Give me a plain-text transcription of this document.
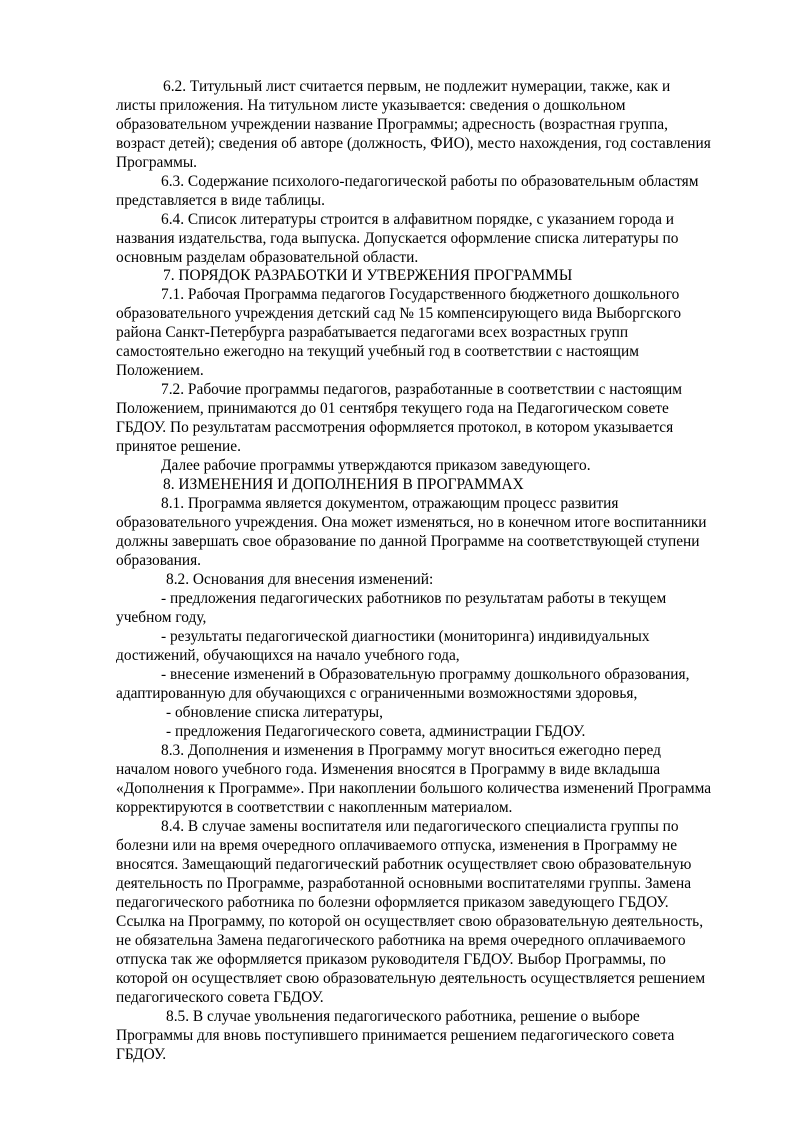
6.2. Титульный лист считается первым, не подлежит нумерации, также, как и
листы приложения. На титульном листе указывается: сведения о дошкольном
образовательном учреждении название Программы; адресность (возрастная группа,
возраст детей); сведения об авторе (должность, ФИО), место нахождения, год составления
Программы.
6.3. Содержание психолого-педагогической работы по образовательным областям
представляется в виде таблицы.
6.4. Список литературы строится в алфавитном порядке, с указанием города и
названия издательства, года выпуска. Допускается оформление списка литературы по
основным разделам образовательной области.
7. ПОРЯДОК РАЗРАБОТКИ И УТВЕРЖЕНИЯ ПРОГРАММЫ
7.1. Рабочая Программа педагогов Государственного бюджетного дошкольного
образовательного учреждения детский сад № 15 компенсирующего вида Выборгского
района Санкт-Петербурга разрабатывается педагогами всех возрастных групп
самостоятельно ежегодно на текущий учебный год в соответствии с настоящим
Положением.
7.2. Рабочие программы педагогов, разработанные в соответствии с настоящим
Положением, принимаются до 01 сентября текущего года на Педагогическом совете
ГБДОУ. По результатам рассмотрения оформляется протокол, в котором указывается
принятое решение.
Далее рабочие программы утверждаются приказом заведующего.
8. ИЗМЕНЕНИЯ И ДОПОЛНЕНИЯ В ПРОГРАММАХ
8.1. Программа является документом, отражающим процесс развития
образовательного учреждения. Она может изменяться, но в конечном итоге воспитанники
должны завершать свое образование по данной Программе на соответствующей ступени
образования.
8.2. Основания для внесения изменений:
- предложения педагогических работников по результатам работы в текущем
учебном году,
- результаты педагогической диагностики (мониторинга) индивидуальных
достижений, обучающихся на начало учебного года,
- внесение изменений в Образовательную программу дошкольного образования,
адаптированную для обучающихся с ограниченными возможностями здоровья,
- обновление списка литературы,
- предложения Педагогического совета, администрации ГБДОУ.
8.3. Дополнения и изменения в Программу могут вноситься ежегодно перед
началом нового учебного года. Изменения вносятся в Программу в виде вкладыша
«Дополнения к Программе». При накоплении большого количества изменений Программа
корректируются в соответствии с накопленным материалом.
8.4. В случае замены воспитателя или педагогического специалиста группы по
болезни или на время очередного оплачиваемого отпуска, изменения в Программу не
вносятся. Замещающий педагогический работник осуществляет свою образовательную
деятельность по Программе, разработанной основными воспитателями группы. Замена
педагогического работника по болезни оформляется приказом заведующего ГБДОУ.
Ссылка на Программу, по которой он осуществляет свою образовательную деятельность,
не обязательна Замена педагогического работника на время очередного оплачиваемого
отпуска так же оформляется приказом руководителя ГБДОУ. Выбор Программы, по
которой он осуществляет свою образовательную деятельность осуществляется решением
педагогического совета ГБДОУ.
8.5. В случае увольнения педагогического работника, решение о выборе
Программы для вновь поступившего принимается решением педагогического совета
ГБДОУ.
